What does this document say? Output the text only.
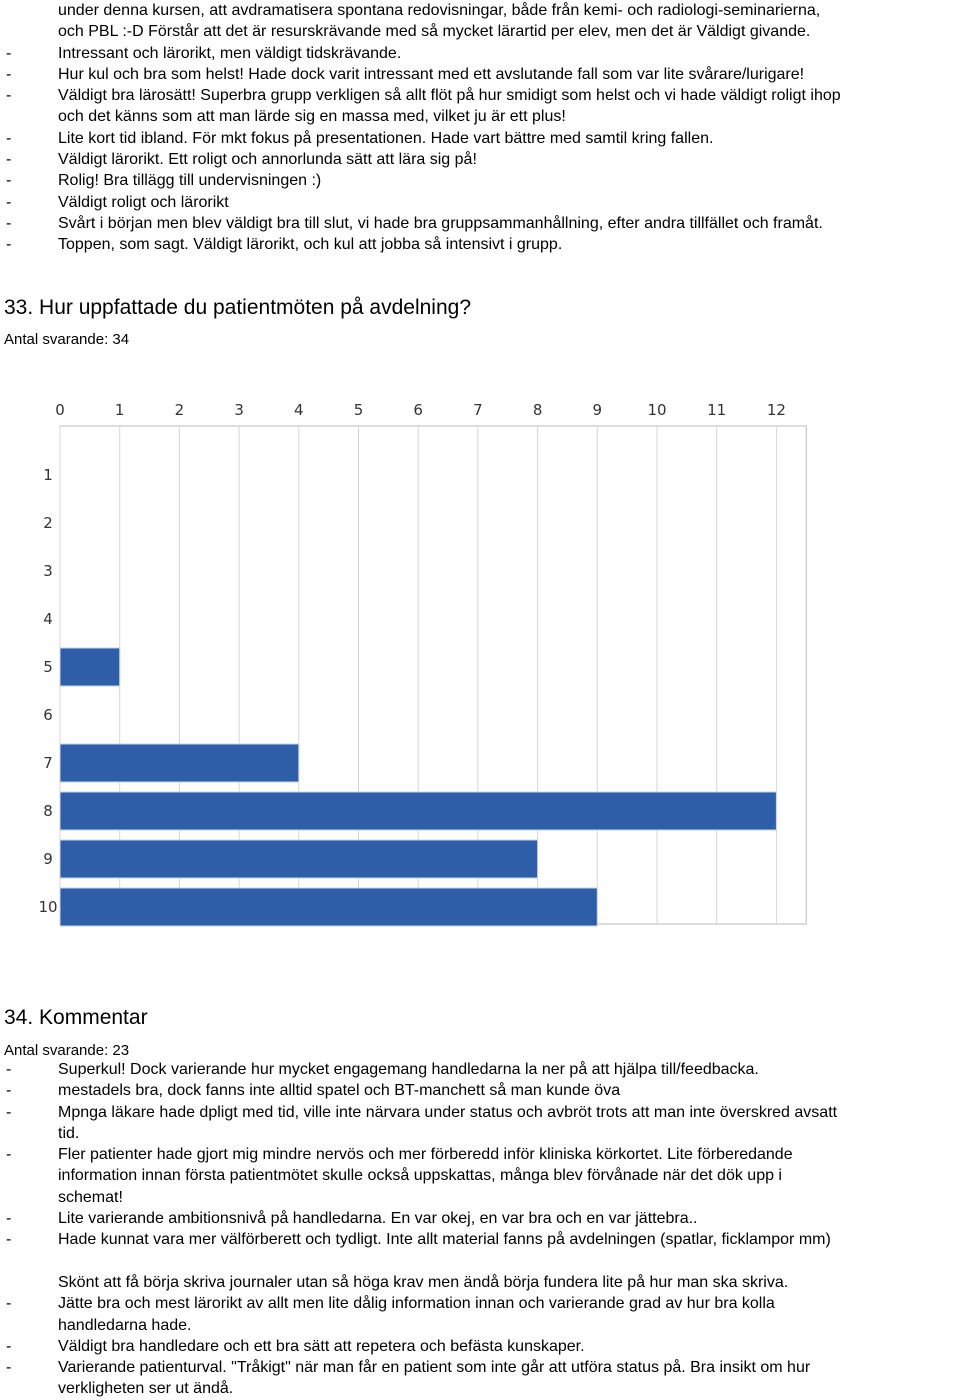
under denna kursen, att avdramatisera spontana redovisningar, både från kemi- och radiologi-seminarierna,
och PBL :-D Förstår att det är resurskrävande med så mycket lärartid per elev, men det är Väldigt givande.
-	Intressant och lärorikt, men väldigt tidskrävande.
-	Hur kul och bra som helst! Hade dock varit intressant med ett avslutande fall som var lite svårare/lurigare!
-	Väldigt bra lärosätt! Superbra grupp verkligen så allt flöt på hur smidigt som helst och vi hade väldigt roligt ihop
och det känns som att man lärde sig en massa med, vilket ju är ett plus!
-	Lite kort tid ibland. För mkt fokus på presentationen. Hade vart bättre med samtil kring fallen.
-	Väldigt lärorikt. Ett roligt och annorlunda sätt att lära sig på!
-	Rolig! Bra tillägg till undervisningen :)
-	Väldigt roligt och lärorikt
-	Svårt i början men blev väldigt bra till slut, vi hade bra gruppsammanhållning, efter andra tillfället och framåt.
-	Toppen, som sagt. Väldigt lärorikt, och kul att jobba så intensivt i grupp.
33. Hur uppfattade du patientmöten på avdelning?
Antal svarande: 34
0	1	2	3	4	5	6	7	8	9	10	11	12
1
2
3
4
5
6
7
8
9
10
34. Kommentar
Antal svarande: 23
-	Superkul! Dock varierande hur mycket engagemang handledarna la ner på att hjälpa till/feedbacka.
-	mestadels bra, dock fanns inte alltid spatel och BT-manchett så man kunde öva
-	Mpnga läkare hade dpligt med tid, ville inte närvara under status och avbröt trots att man inte överskred avsatt
tid.
-	Fler patienter hade gjort mig mindre nervös och mer förberedd inför kliniska körkortet. Lite förberedande
information innan första patientmötet skulle också uppskattas, många blev förvånade när det dök upp i
schemat!
-	Lite varierande ambitionsnivå på handledarna. En var okej, en var bra och en var jättebra..
-	Hade kunnat vara mer välförberett och tydligt. Inte allt material fanns på avdelningen (spatlar, ficklampor mm)
Skönt att få börja skriva journaler utan så höga krav men ändå börja fundera lite på hur man ska skriva.
-	Jätte bra och mest lärorikt av allt men lite dålig information innan och varierande grad av hur bra kolla
handledarna hade.
-	Väldigt bra handledare och ett bra sätt att repetera och befästa kunskaper.
-	Varierande patienturval. "Tråkigt" när man får en patient som inte går att utföra status på. Bra insikt om hur
verkligheten ser ut ändå.
